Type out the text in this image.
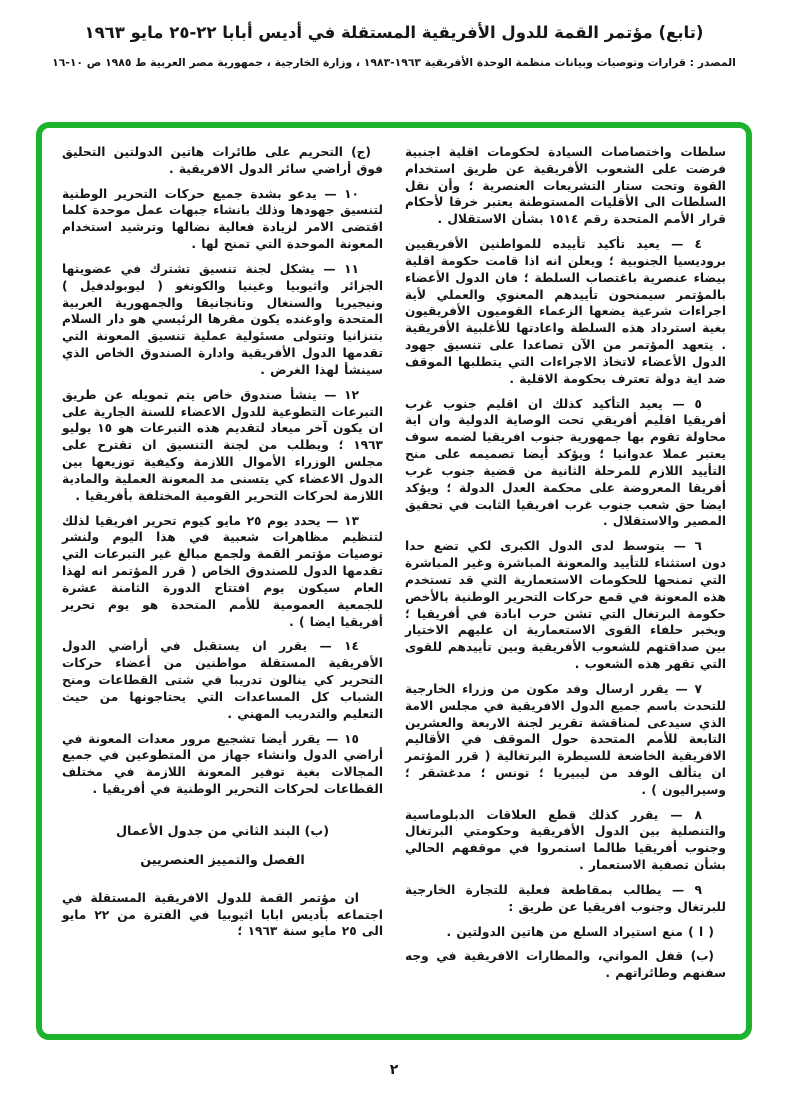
(تابع) مؤتمر القمة للدول الأفريقية المستقلة في أديس أبابا ٢٢-٢٥ مايو ١٩٦٣
المصدر : قرارات وتوصيات وبيانات منظمة الوحدة الأفريقية ١٩٦٣-١٩٨٣ ، وزارة الخارجية ، جمهورية مصر العربية ط ١٩٨٥ ص ١٠-١٦

سلطات واختصاصات السيادة لحكومات اقلية اجنبية فرضت على الشعوب الأفريقية عن طريق استخدام القوة وتحت ستار التشريعات العنصرية ؛ وأن نقل السلطات الى الأقليات المستوطنة يعتبر خرقا لأحكام قرار الأمم المتحدة رقم ١٥١٤ بشأن الاستقلال .

٤ — يعيد تأكيد تأييده للمواطنين الأفريقيين بروديسيا الجنوبية ؛ ويعلن انه اذا قامت حكومة اقلية بيضاء عنصرية باغتصاب السلطة ؛ فان الدول الأعضاء بالمؤتمر سيمنحون تأييدهم المعنوي والعملي لأية اجراءات شرعية يضعها الزعماء القوميون الأفريقيون بغية استرداد هذه السلطة واعادتها للأغلبية الأفريقية . يتعهد المؤتمر من الآن تصاعدا على تنسيق جهود الدول الأعضاء لاتخاذ الاجراءات التي يتطلبها الموقف ضد اية دولة تعترف بحكومة الاقلية .

٥ — يعيد التأكيد كذلك ان اقليم جنوب غرب أفريقيا اقليم أفريقي تحت الوصاية الدولية وان اية محاولة تقوم بها جمهورية جنوب افريقيا لضمه سوف يعتبر عملا عدوانيا ؛ ويؤكد أيضا تصميمه على منح التأييد اللازم للمرحلة الثانية من قضية جنوب غرب أفريقا المعروضة على محكمة العدل الدولة ؛ ويؤكد ايضا حق شعب جنوب غرب افريقيا الثابت في تحقيق المصير والاستقلال .

٦ — يتوسط لدى الدول الكبرى لكي تضع حدا دون استثناء للتأييد والمعونة المباشرة وغير المباشرة التي تمنحها للحكومات الاستعمارية التي قد تستخدم هذه المعونة في قمع حركات التحرير الوطنية بالأخص حكومة البرتغال التي تشن حرب ابادة في أفريقيا ؛ ويخبر حلفاء القوى الاستعمارية ان عليهم الاختيار بين صداقتهم للشعوب الأفريقية وبين تأييدهم للقوى التي تقهر هذه الشعوب .

٧ — يقرر ارسال وفد مكون من وزراء الخارجية للتحدث باسم جميع الدول الافريقية في مجلس الامة الذي سيدعى لمناقشة تقرير لجنة الاربعة والعشرين التابعة للأمم المتحدة حول الموقف في الأقاليم الافريقية الخاضعة للسيطرة البرتغالية ( قرر المؤتمر ان يتألف الوفد من ليبيريا ؛ تونس ؛ مدغشقر ؛ وسيراليون ) .

٨ — يقرر كذلك قطع العلاقات الدبلوماسية والتنصلية بين الدول الأفريقية وحكومتي البرتغال وجنوب أفريقيا طالما استمروا في موقفهم الحالي بشأن تصفية الاستعمار .

٩ — يطالب بمقاطعة فعلية للتجارة الخارجية للبرتغال وجنوب افريقيا عن طريق :

( ا ) منع استيراد السلع من هاتين الدولتين .

(ب) قفل المواني، والمطارات الافريقية في وجه سفنهم وطائراتهم .

(ج) التحريم على طائرات هاتين الدولتين التحليق فوق أراضي سائر الدول الافريقية .

١٠ — يدعو بشدة جميع حركات التحرير الوطنية لتنسيق جهودها وذلك بانشاء جبهات عمل موحدة كلما اقتضى الامر لزيادة فعالية نضالها وترشيد استخدام المعونة الموحدة التي تمنح لها .

١١ — يشكل لجنة تنسيق تشترك في عضويتها الجزائر واثيوبيا وغينيا والكونغو ( ليوبولدفيل ) ونيجيريا والسنغال وتانجانيقا والجمهورية العربية المتحدة واوغنده يكون مقرها الرئيسي هو دار السلام بتنزانيا وتتولى مسئولية عملية تنسيق المعونة التي تقدمها الدول الأفريقية وادارة الصندوق الخاص الذي سينشأ لهذا الغرض .

١٢ — ينشأ صندوق خاص يتم تمويله عن طريق التبرعات التطوعية للدول الاعضاء للسنة الجارية على ان يكون آخر ميعاد لتقديم هذه التبرعات هو ١٥ يوليو ١٩٦٣ ؛ ويطلب من لجنة التنسيق ان تقترح على مجلس الوزراء الأموال اللازمة وكيفية توزيعها بين الدول الاعضاء كي يتسنى مد المعونة العملية والمادية اللازمة لحركات التحرير القومية المختلفة بأفريقيا .

١٣ — يحدد يوم ٢٥ مايو كيوم تحرير افريقيا لذلك لتنظيم مظاهرات شعبية في هذا اليوم ولنشر توصيات مؤتمر القمة ولجمع مبالغ غير التبرعات التي تقدمها الدول للصندوق الخاص ( قرر المؤتمر انه لهذا العام سيكون يوم افتتاح الدورة الثامنة عشرة للجمعية العمومية للأمم المتحدة هو يوم تحرير أفريقيا ايضا ) .

١٤ — يقرر ان يستقبل في أراضي الدول الأفريقية المستقلة مواطنين من أعضاء حركات التحرير كي ينالون تدريبا في شتى القطاعات ومنح الشباب كل المساعدات التي يحتاجونها من حيث التعليم والتدريب المهني .

١٥ — يقرر أيضا تشجيع مرور معدات المعونة في أراضي الدول وانشاء جهاز من المتطوعين في جميع المجالات بغية توفير المعونة اللازمة في مختلف القطاعات لحركات التحرير الوطنية في أفريقيا .

(ب) البند الثاني من جدول الأعمال
الفصل والتمييز العنصريين

ان مؤتمر القمة للدول الافريقية المستقلة في اجتماعه بأديس ابابا اثيوبيا في الفترة من ٢٢ مايو الى ٢٥ مايو سنة ١٩٦٣ ؛

٢
